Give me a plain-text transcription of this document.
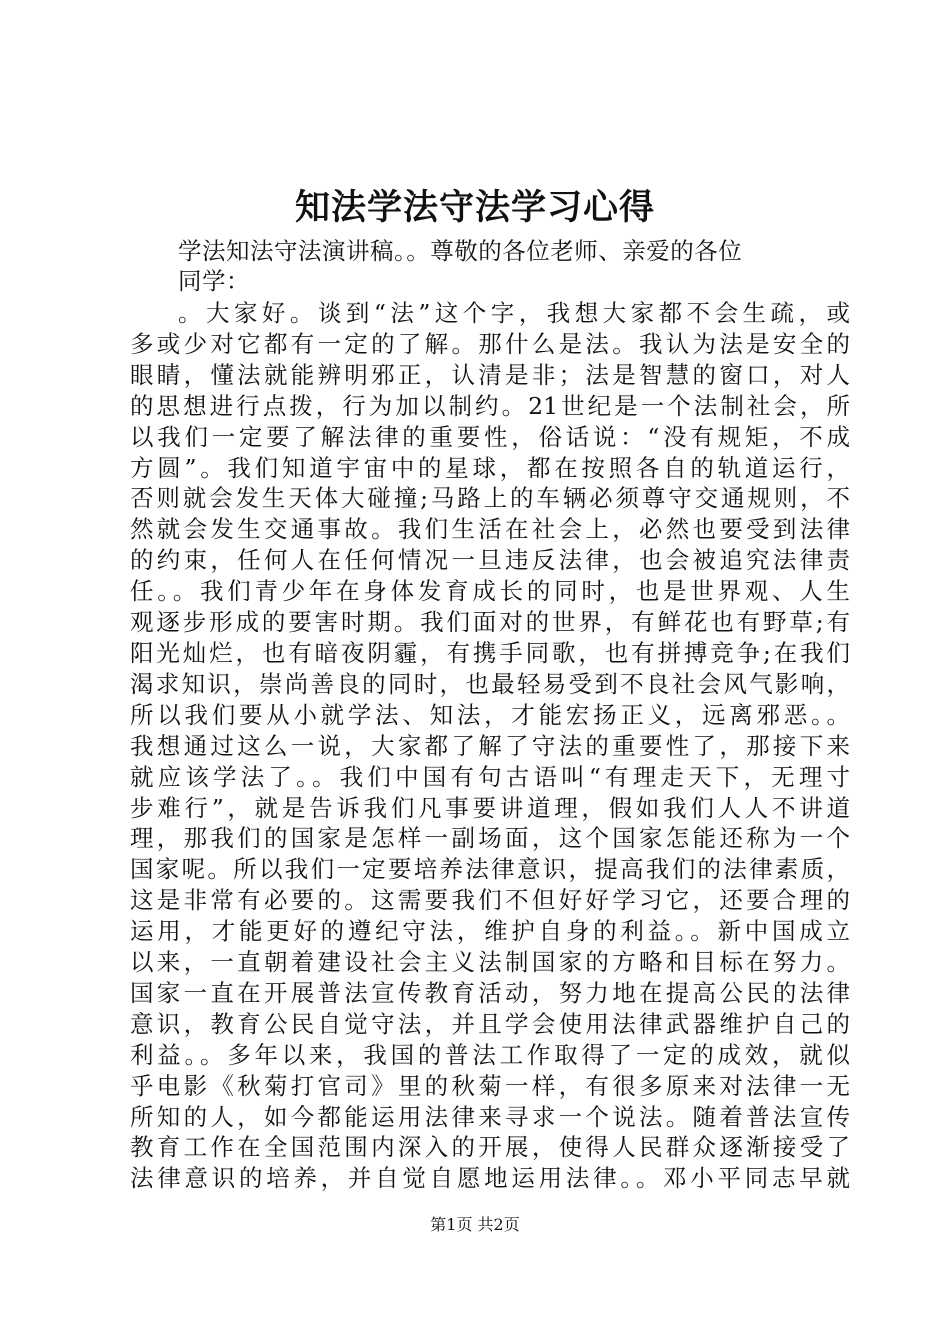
知法学法守法学习心得
学法知法守法演讲稿。。尊敬的各位老师、亲爱的各位
同学：
。大家好。谈到“法”这个字，我想大家都不会生疏，或
多或少对它都有一定的了解。那什么是法。我认为法是安全的
眼睛，懂法就能辨明邪正，认清是非；法是智慧的窗口，对人
的思想进行点拨，行为加以制约。21世纪是一个法制社会，所
以我们一定要了解法律的重要性，俗话说：“没有规矩，不成
方圆”。我们知道宇宙中的星球，都在按照各自的轨道运行，
否则就会发生天体大碰撞;马路上的车辆必须尊守交通规则，不
然就会发生交通事故。我们生活在社会上，必然也要受到法律
的约束，任何人在任何情况一旦违反法律，也会被追究法律责
任。。我们青少年在身体发育成长的同时，也是世界观、人生
观逐步形成的要害时期。我们面对的世界，有鲜花也有野草;有
阳光灿烂，也有暗夜阴霾，有携手同歌，也有拼搏竞争;在我们
渴求知识，崇尚善良的同时，也最轻易受到不良社会风气影响，
所以我们要从小就学法、知法，才能宏扬正义，远离邪恶。。
我想通过这么一说，大家都了解了守法的重要性了，那接下来
就应该学法了。。我们中国有句古语叫“有理走天下，无理寸
步难行”，就是告诉我们凡事要讲道理，假如我们人人不讲道
理，那我们的国家是怎样一副场面，这个国家怎能还称为一个
国家呢。所以我们一定要培养法律意识，提高我们的法律素质，
这是非常有必要的。这需要我们不但好好学习它，还要合理的
运用，才能更好的遵纪守法，维护自身的利益。。新中国成立
以来，一直朝着建设社会主义法制国家的方略和目标在努力。
国家一直在开展普法宣传教育活动，努力地在提高公民的法律
意识，教育公民自觉守法，并且学会使用法律武器维护自己的
利益。。多年以来，我国的普法工作取得了一定的成效，就似
乎电影《秋菊打官司》里的秋菊一样，有很多原来对法律一无
所知的人，如今都能运用法律来寻求一个说法。随着普法宣传
教育工作在全国范围内深入的开展，使得人民群众逐渐接受了
法律意识的培养，并自觉自愿地运用法律。。邓小平同志早就
第1页 共2页
